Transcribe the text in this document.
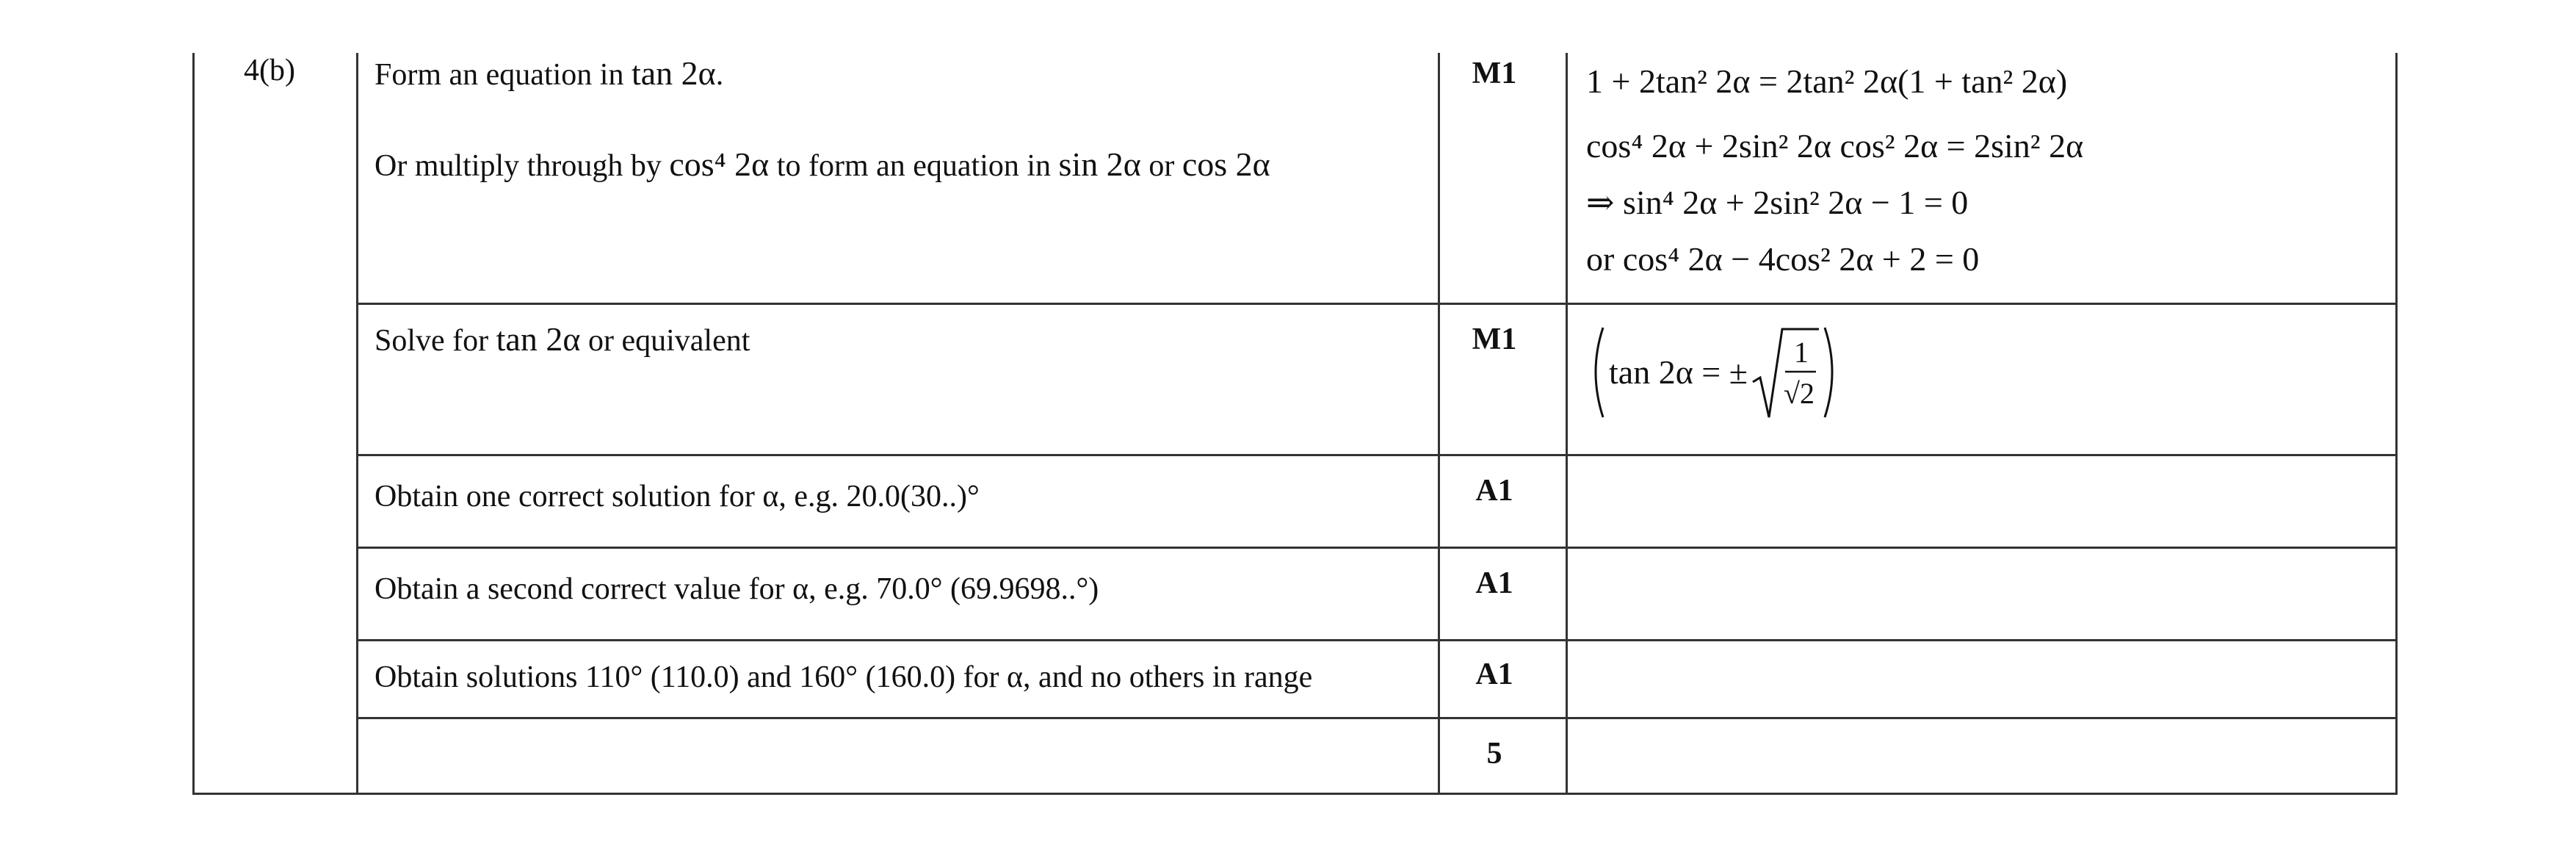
4(b)	Form an equation in tan 2α.
Or multiply through by cos⁴ 2α to form an equation in sin 2α or cos 2α
M1	1 + 2tan² 2α = 2tan² 2α(1 + tan² 2α)
cos⁴ 2α + 2sin² 2α cos² 2α = 2sin² 2α
⇒ sin⁴ 2α + 2sin² 2α − 1 = 0
or cos⁴ 2α − 4cos² 2α + 2 = 0
Solve for tan 2α or equivalent	M1
tan 2α = ±
1
√2
Obtain one correct solution for α, e.g. 20.0(30..)°	A1
Obtain a second correct value for α, e.g. 70.0° (69.9698..°)	A1
Obtain solutions 110° (110.0) and 160° (160.0) for α, and no others in range	A1
5
